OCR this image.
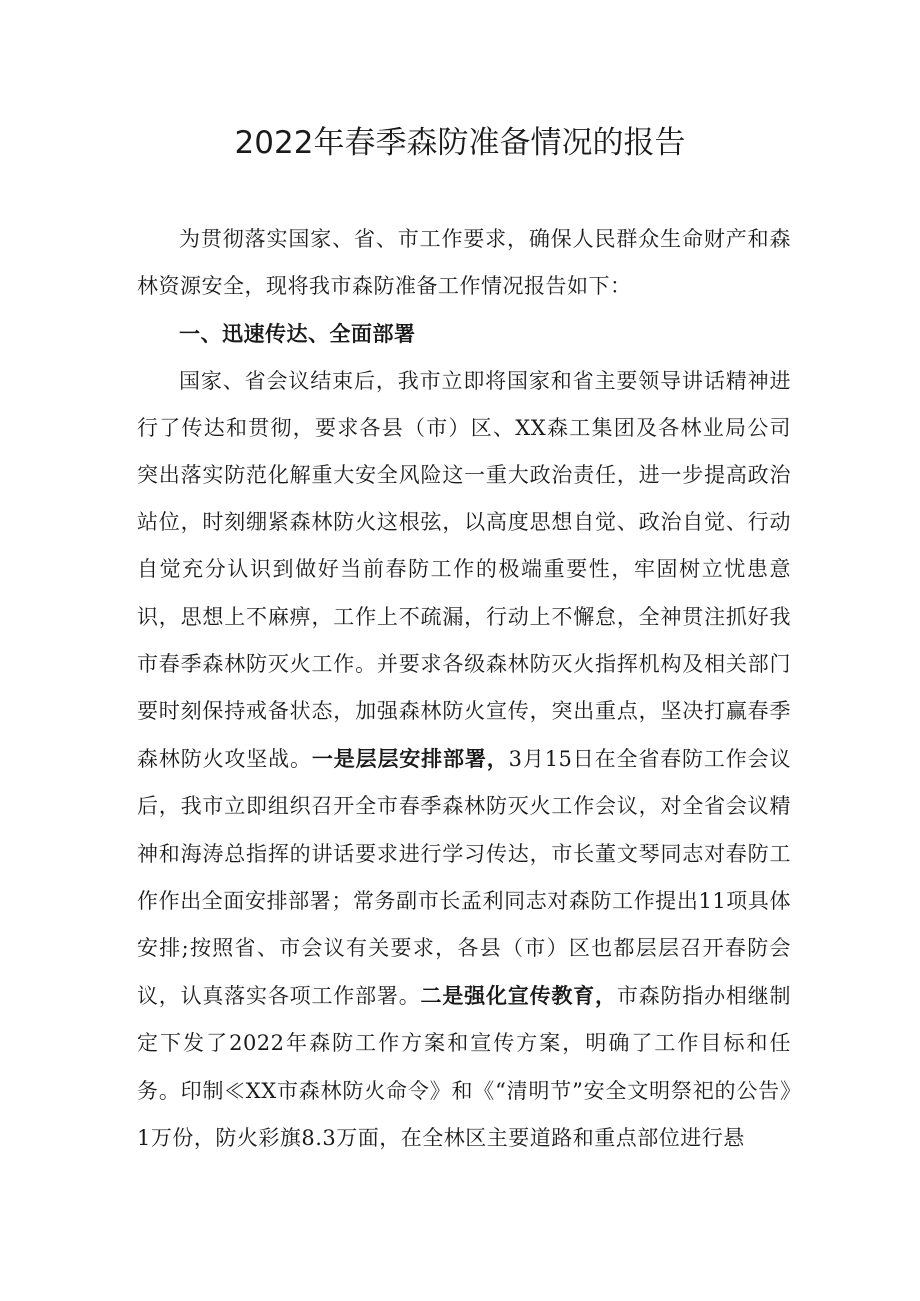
2022年春季森防准备情况的报告

为贯彻落实国家、省、市工作要求，确保人民群众生命财产和森林资源安全，现将我市森防准备工作情况报告如下：

一、迅速传达、全面部署

国家、省会议结束后，我市立即将国家和省主要领导讲话精神进行了传达和贯彻，要求各县（市）区、XX森工集团及各林业局公司突出落实防范化解重大安全风险这一重大政治责任，进一步提高政治站位，时刻绷紧森林防火这根弦，以高度思想自觉、政治自觉、行动自觉充分认识到做好当前春防工作的极端重要性，牢固树立忧患意识，思想上不麻痹，工作上不疏漏，行动上不懈怠，全神贯注抓好我市春季森林防灭火工作。并要求各级森林防灭火指挥机构及相关部门要时刻保持戒备状态，加强森林防火宣传，突出重点，坚决打赢春季森林防火攻坚战。一是层层安排部署，3月15日在全省春防工作会议后，我市立即组织召开全市春季森林防灭火工作会议，对全省会议精神和海涛总指挥的讲话要求进行学习传达，市长董文琴同志对春防工作作出全面安排部署；常务副市长孟利同志对森防工作提出11项具体安排;按照省、市会议有关要求，各县（市）区也都层层召开春防会议，认真落实各项工作部署。二是强化宣传教育，市森防指办相继制定下发了2022年森防工作方案和宣传方案，明确了工作目标和任务。印制≪XX市森林防火命令》和《“清明节”安全文明祭祀的公告》1万份，防火彩旗8.3万面，在全林区主要道路和重点部位进行悬
